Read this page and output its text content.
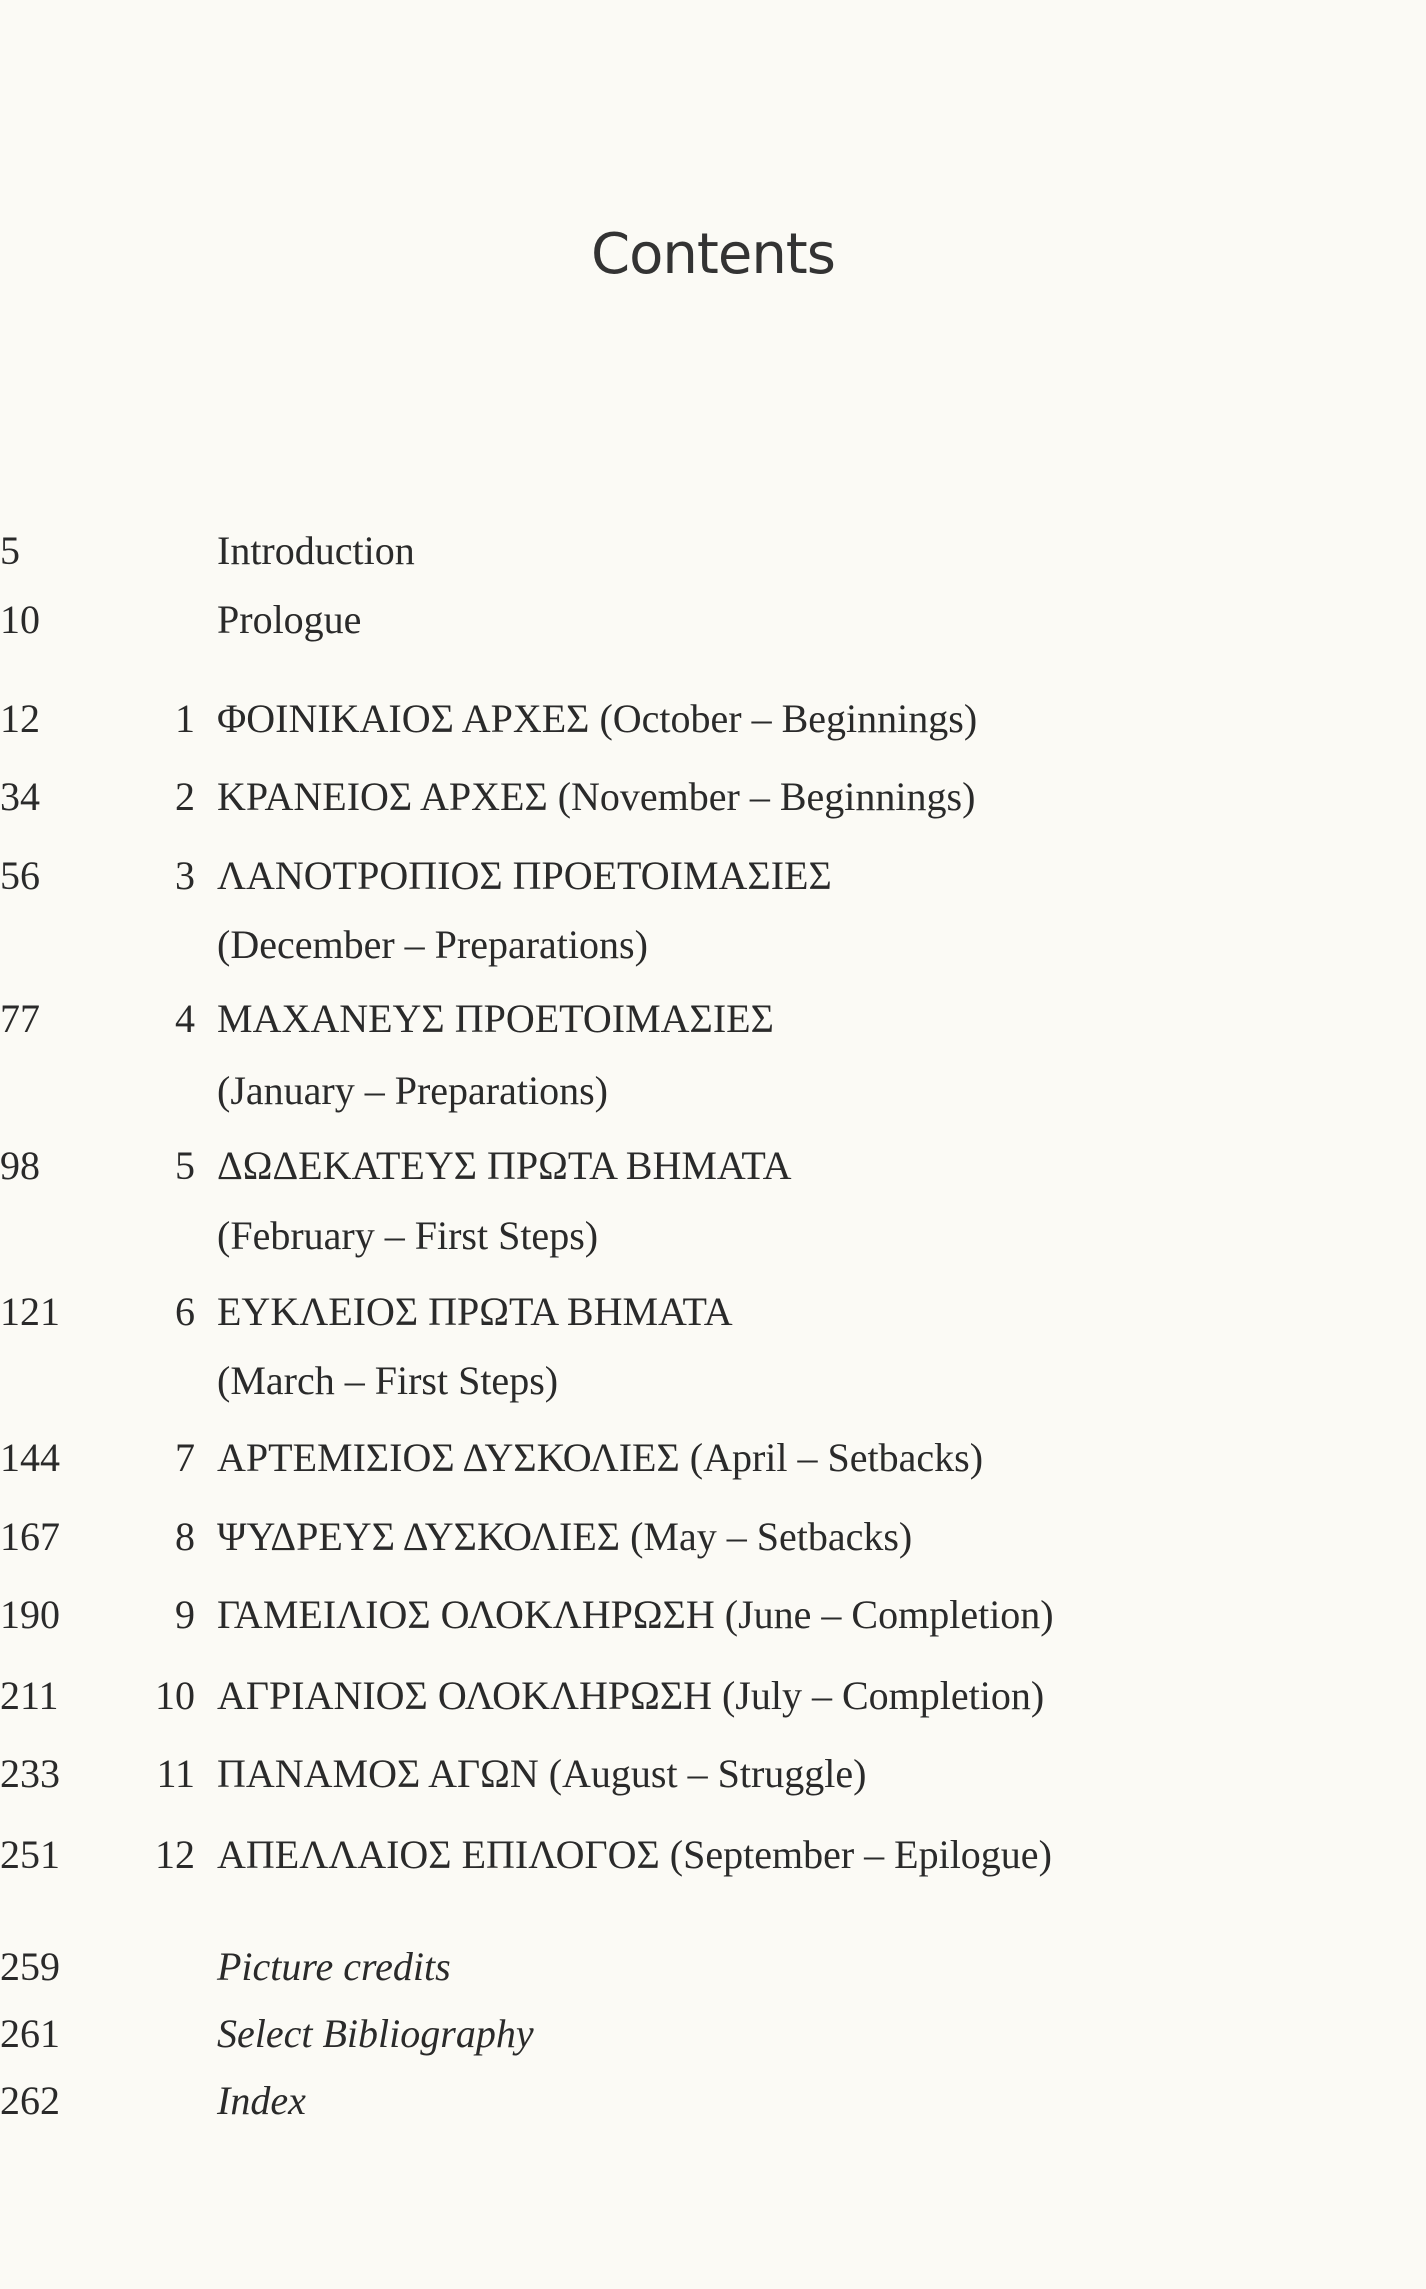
Contents
Introduction
5
Prologue
10
1 ΦΟΙΝΙΚΑΙΟΣ ΑΡΧΕΣ (October – Beginnings)
12
2 ΚΡΑΝΕΙΟΣ ΑΡΧΕΣ (November – Beginnings)
34
3 ΛΑΝΟΤΡΟΠΙΟΣ ΠΡΟΕΤΟΙΜΑΣΙΕΣ
56
(December – Preparations)
4 ΜΑΧΑΝΕΥΣ ΠΡΟΕΤΟΙΜΑΣΙΕΣ
77
(January – Preparations)
5 ΔΩΔΕΚΑΤΕΥΣ ΠΡΩΤΑ ΒΗΜΑΤΑ
98
(February – First Steps)
6 ΕΥΚΛΕΙΟΣ ΠΡΩΤΑ ΒΗΜΑΤΑ
121
(March – First Steps)
7 ΑΡΤΕΜΙΣΙΟΣ ΔΥΣΚΟΛΙΕΣ (April – Setbacks)
144
8 ΨΥΔΡΕΥΣ ΔΥΣΚΟΛΙΕΣ (May – Setbacks)
167
9 ΓΑΜΕΙΛΙΟΣ ΟΛΟΚΛΗΡΩΣΗ (June – Completion)
190
10 ΑΓΡΙΑΝΙΟΣ ΟΛΟΚΛΗΡΩΣΗ (July – Completion)
211
11 ΠΑΝΑΜΟΣ ΑΓΩΝ (August – Struggle)
233
12 ΑΠΕΛΛΑΙΟΣ ΕΠΙΛΟΓΟΣ (September – Epilogue)
251
Picture credits
259
Select Bibliography
261
Index
262
